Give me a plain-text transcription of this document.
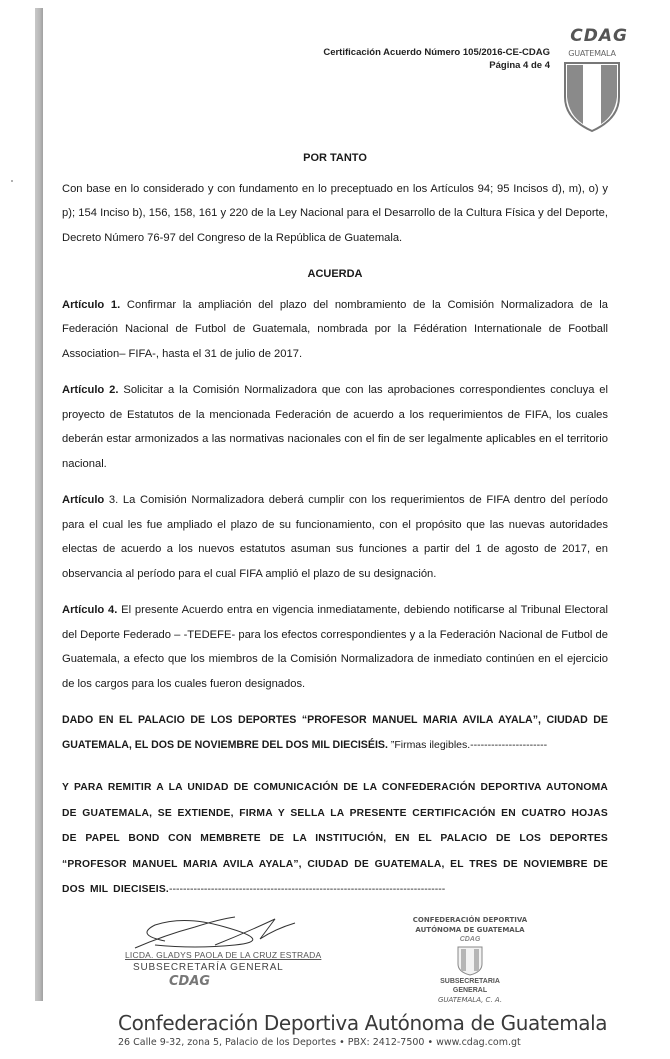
Certificación Acuerdo Número 105/2016-CE-CDAG
Página 4 de 4
CDAG
GUATEMALA
POR TANTO
Con base en lo considerado y con fundamento en lo preceptuado en los Artículos 94; 95 Incisos d), m), o) y p); 154 Inciso b), 156, 158, 161 y 220 de la Ley Nacional para el Desarrollo de la Cultura Física y del Deporte, Decreto Número 76-97 del Congreso de la República de Guatemala.
ACUERDA
Artículo 1. Confirmar la ampliación del plazo del nombramiento de la Comisión Normalizadora de la Federación Nacional de Futbol de Guatemala, nombrada por la Fédération Internationale de Football Association– FIFA-, hasta el 31 de julio de 2017.
Artículo 2. Solicitar a la Comisión Normalizadora que con las aprobaciones correspondientes concluya el proyecto de Estatutos de la mencionada Federación de acuerdo a los requerimientos de FIFA, los cuales deberán estar armonizados a las normativas nacionales con el fin de ser legalmente aplicables en el territorio nacional.
Artículo 3. La Comisión Normalizadora deberá cumplir con los requerimientos de FIFA dentro del período para el cual les fue ampliado el plazo de su funcionamiento, con el propósito que las nuevas autoridades electas de acuerdo a los nuevos estatutos asuman sus funciones a partir del 1 de agosto de 2017, en observancia al período para el cual FIFA amplió el plazo de su designación.
Artículo 4. El presente Acuerdo entra en vigencia inmediatamente, debiendo notificarse al Tribunal Electoral del Deporte Federado – -TEDEFE- para los efectos correspondientes y a la Federación Nacional de Futbol de Guatemala, a efecto que los miembros de la Comisión Normalizadora de inmediato continúen en el ejercicio de los cargos para los cuales fueron designados.
DADO EN EL PALACIO DE LOS DEPORTES “PROFESOR MANUEL MARIA AVILA AYALA”, CIUDAD DE GUATEMALA, EL DOS DE NOVIEMBRE DEL DOS MIL DIECISÉIS. ”Firmas ilegibles.----------------------
Y PARA REMITIR A LA UNIDAD DE COMUNICACIÓN DE LA CONFEDERACIÓN DEPORTIVA AUTONOMA DE GUATEMALA, SE EXTIENDE, FIRMA Y SELLA LA PRESENTE CERTIFICACIÓN EN CUATRO HOJAS DE PAPEL BOND CON MEMBRETE DE LA INSTITUCIÓN, EN EL PALACIO DE LOS DEPORTES “PROFESOR MANUEL MARIA AVILA AYALA”, CIUDAD DE GUATEMALA, EL TRES DE NOVIEMBRE DE DOS MIL DIECISEIS.-------------------------------------------------------------------------------
LICDA. GLADYS PAOLA DE LA CRUZ ESTRADA
SUBSECRETARÍA GENERAL
CDAG
CONFEDERACIÓN DEPORTIVA AUTÓNOMA DE GUATEMALA
CDAG
SUBSECRETARIA
GENERAL
GUATEMALA, C. A.
Confederación Deportiva Autónoma de Guatemala
26 Calle 9-32, zona 5, Palacio de los Deportes • PBX: 2412-7500 • www.cdag.com.gt
